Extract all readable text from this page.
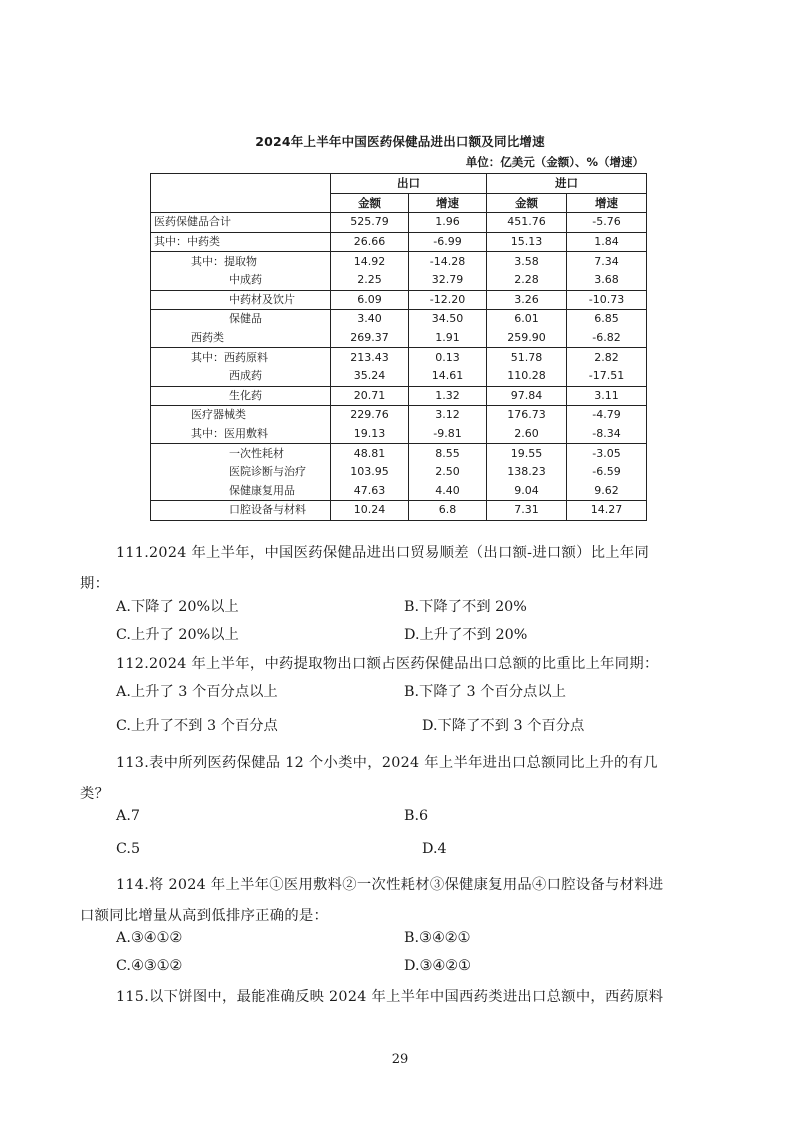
2024年上半年中国医药保健品进出口额及同比增速
单位：亿美元（金额）、%（增速）
	出口		进口	
	金额	增速	金额	增速
医药保健品合计	525.79	1.96	451.76	-5.76
其中：中药类	26.66	-6.99	15.13	1.84
其中：提取物	14.92	-14.28	3.58	7.34
中成药	2.25	32.79	2.28	3.68
中药材及饮片	6.09	-12.20	3.26	-10.73
保健品	3.40	34.50	6.01	6.85
西药类	269.37	1.91	259.90	-6.82
其中：西药原料	213.43	0.13	51.78	2.82
西成药	35.24	14.61	110.28	-17.51
生化药	20.71	1.32	97.84	3.11
医疗器械类	229.76	3.12	176.73	-4.79
其中：医用敷料	19.13	-9.81	2.60	-8.34
一次性耗材	48.81	8.55	19.55	-3.05
医院诊断与治疗	103.95	2.50	138.23	-6.59
保健康复用品	47.63	4.40	9.04	9.62
口腔设备与材料	10.24	6.8	7.31	14.27
111.2024 年上半年，中国医药保健品进出口贸易顺差（出口额-进口额）比上年同
期：
A.下降了 20%以上	B.下降了不到 20%
C.上升了 20%以上	D.上升了不到 20%
112.2024 年上半年，中药提取物出口额占医药保健品出口总额的比重比上年同期：
A.上升了 3 个百分点以上	B.下降了 3 个百分点以上
C.上升了不到 3 个百分点	D.下降了不到 3 个百分点
113.表中所列医药保健品 12 个小类中，2024 年上半年进出口总额同比上升的有几
类？
A.7	B.6
C.5	D.4
114.将 2024 年上半年①医用敷料②一次性耗材③保健康复用品④口腔设备与材料进
口额同比增量从高到低排序正确的是：
A.③④①②	B.③④②①
C.④③①②	D.③④②①
115.以下饼图中，最能准确反映 2024 年上半年中国西药类进出口总额中，西药原料
29
